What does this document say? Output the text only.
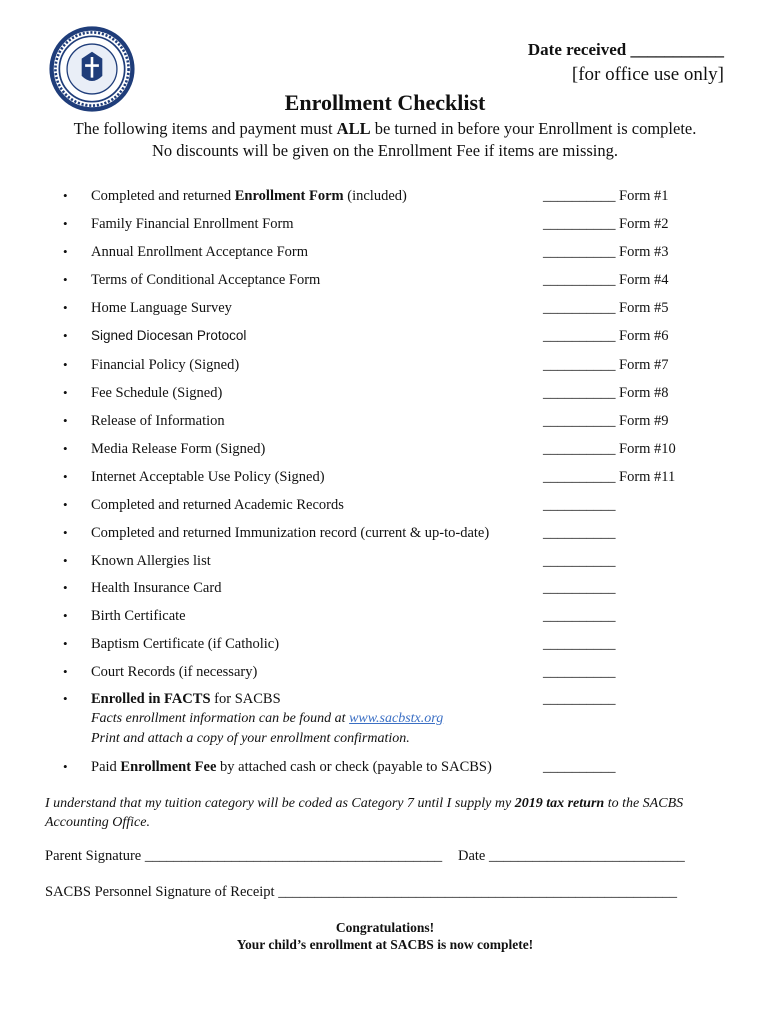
Date received ___________
[for office use only]
Enrollment Checklist
The following items and payment must ALL be turned in before your Enrollment is complete.
No discounts will be given on the Enrollment Fee if items are missing.
• Completed and returned Enrollment Form (included)	__________ Form #1
• Family Financial Enrollment Form	__________ Form #2
• Annual Enrollment Acceptance Form	__________ Form #3
• Terms of Conditional Acceptance Form	__________ Form #4
• Home Language Survey	__________ Form #5
• Signed Diocesan Protocol	__________ Form #6
• Financial Policy (Signed)	__________ Form #7
• Fee Schedule (Signed)	__________ Form #8
• Release of Information	__________ Form #9
• Media Release Form (Signed)	__________ Form #10
• Internet Acceptable Use Policy (Signed)	__________ Form #11
• Completed and returned Academic Records	__________
• Completed and returned Immunization record (current & up-to-date)	__________
• Known Allergies list	__________
• Health Insurance Card	__________
• Birth Certificate	__________
• Baptism Certificate (if Catholic)	__________
• Court Records (if necessary)	__________
• Enrolled in FACTS for SACBS	__________
Facts enrollment information can be found at www.sacbstx.org
Print and attach a copy of your enrollment confirmation.
• Paid Enrollment Fee by attached cash or check (payable to SACBS)	__________
I understand that my tuition category will be coded as Category 7 until I supply my 2019 tax return to the SACBS Accounting Office.
Parent Signature _________________________________________ Date ___________________________
SACBS Personnel Signature of Receipt _______________________________________________________
Congratulations!
Your child’s enrollment at SACBS is now complete!
